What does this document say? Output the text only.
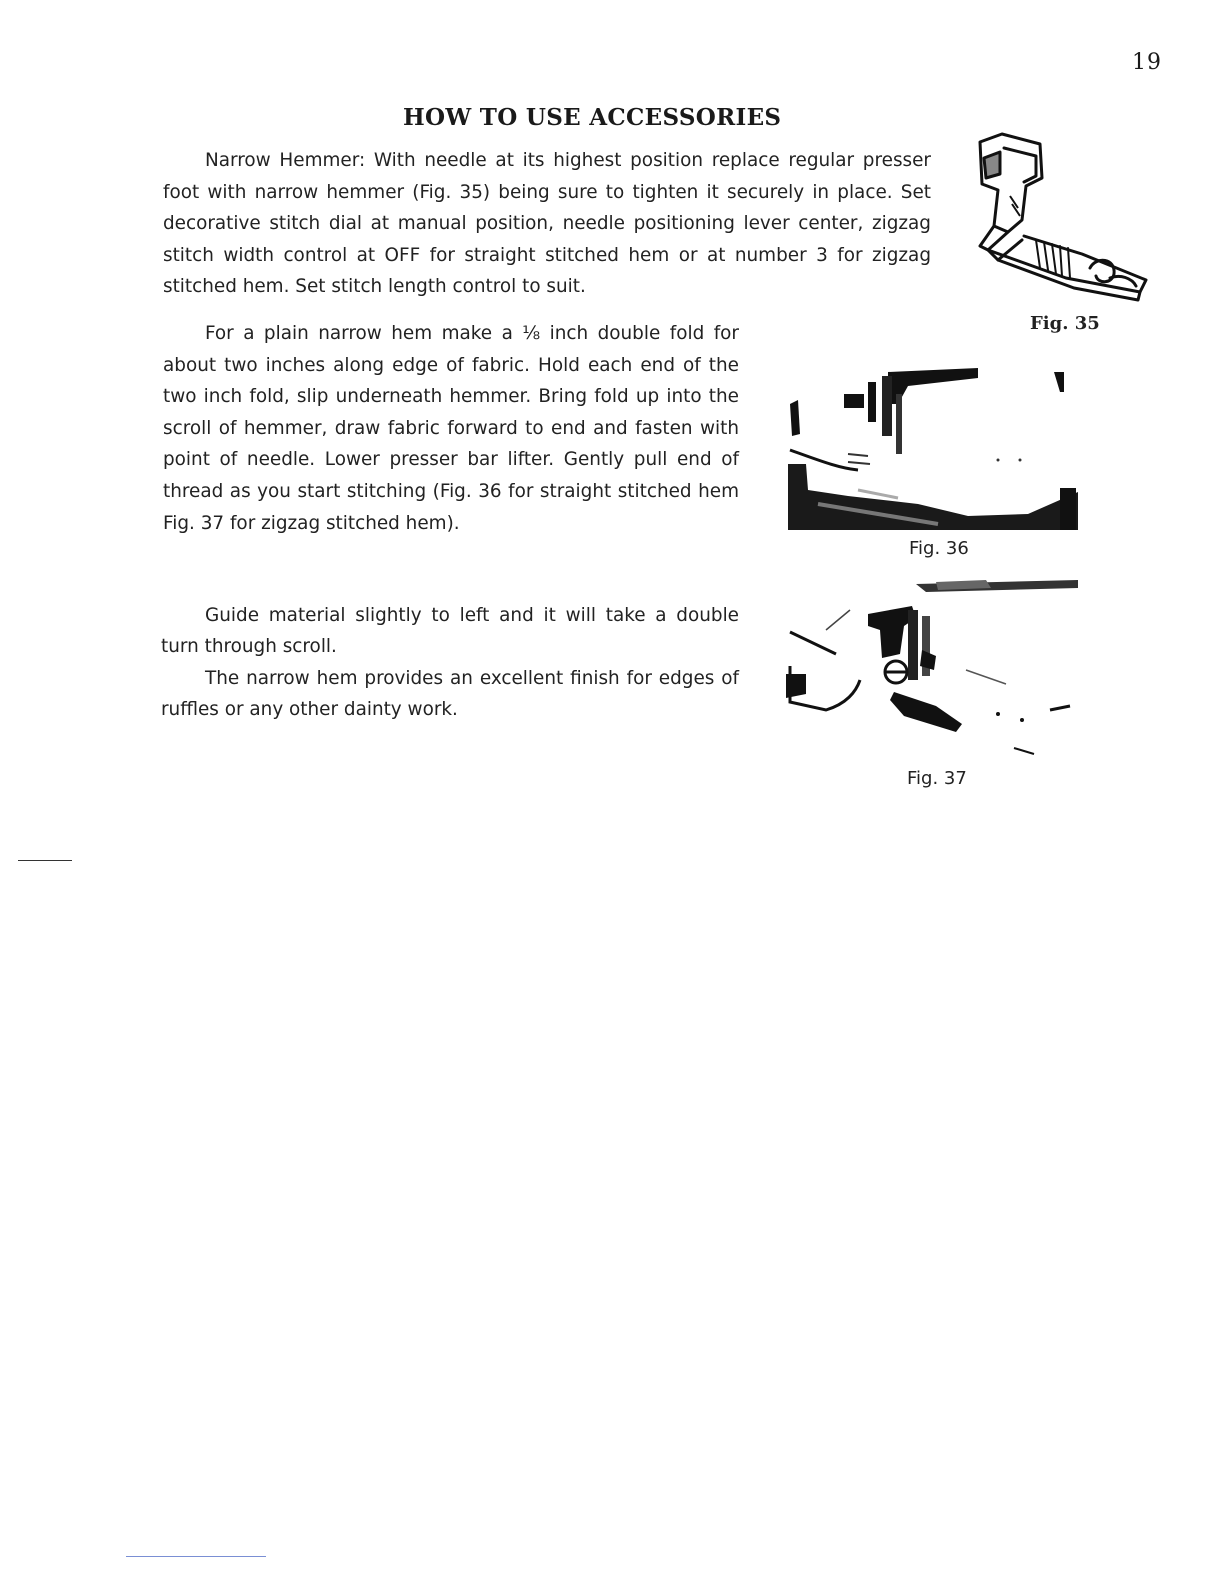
19
HOW TO USE ACCESSORIES

Narrow Hemmer: With needle at its highest position replace regular presser foot with narrow hemmer (Fig. 35) being sure to tighten it securely in place. Set decorative stitch dial at manual position, needle positioning lever center, zigzag stitch width control at OFF for straight stitched hem or at number 3 for zigzag stitched hem. Set stitch length control to suit.

For a plain narrow hem make a ⅛ inch double fold for about two inches along edge of fabric. Hold each end of the two inch fold, slip underneath hemmer. Bring fold up into the scroll of hemmer, draw fabric forward to end and fasten with point of needle. Lower presser bar lifter. Gently pull end of thread as you start stitching (Fig. 36 for straight stitched hem Fig. 37 for zigzag stitched hem).

Guide material slightly to left and it will take a double turn through scroll.

The narrow hem provides an excellent finish for edges of ruffles or any other dainty work.

Fig. 35
Fig. 36
Fig. 37
